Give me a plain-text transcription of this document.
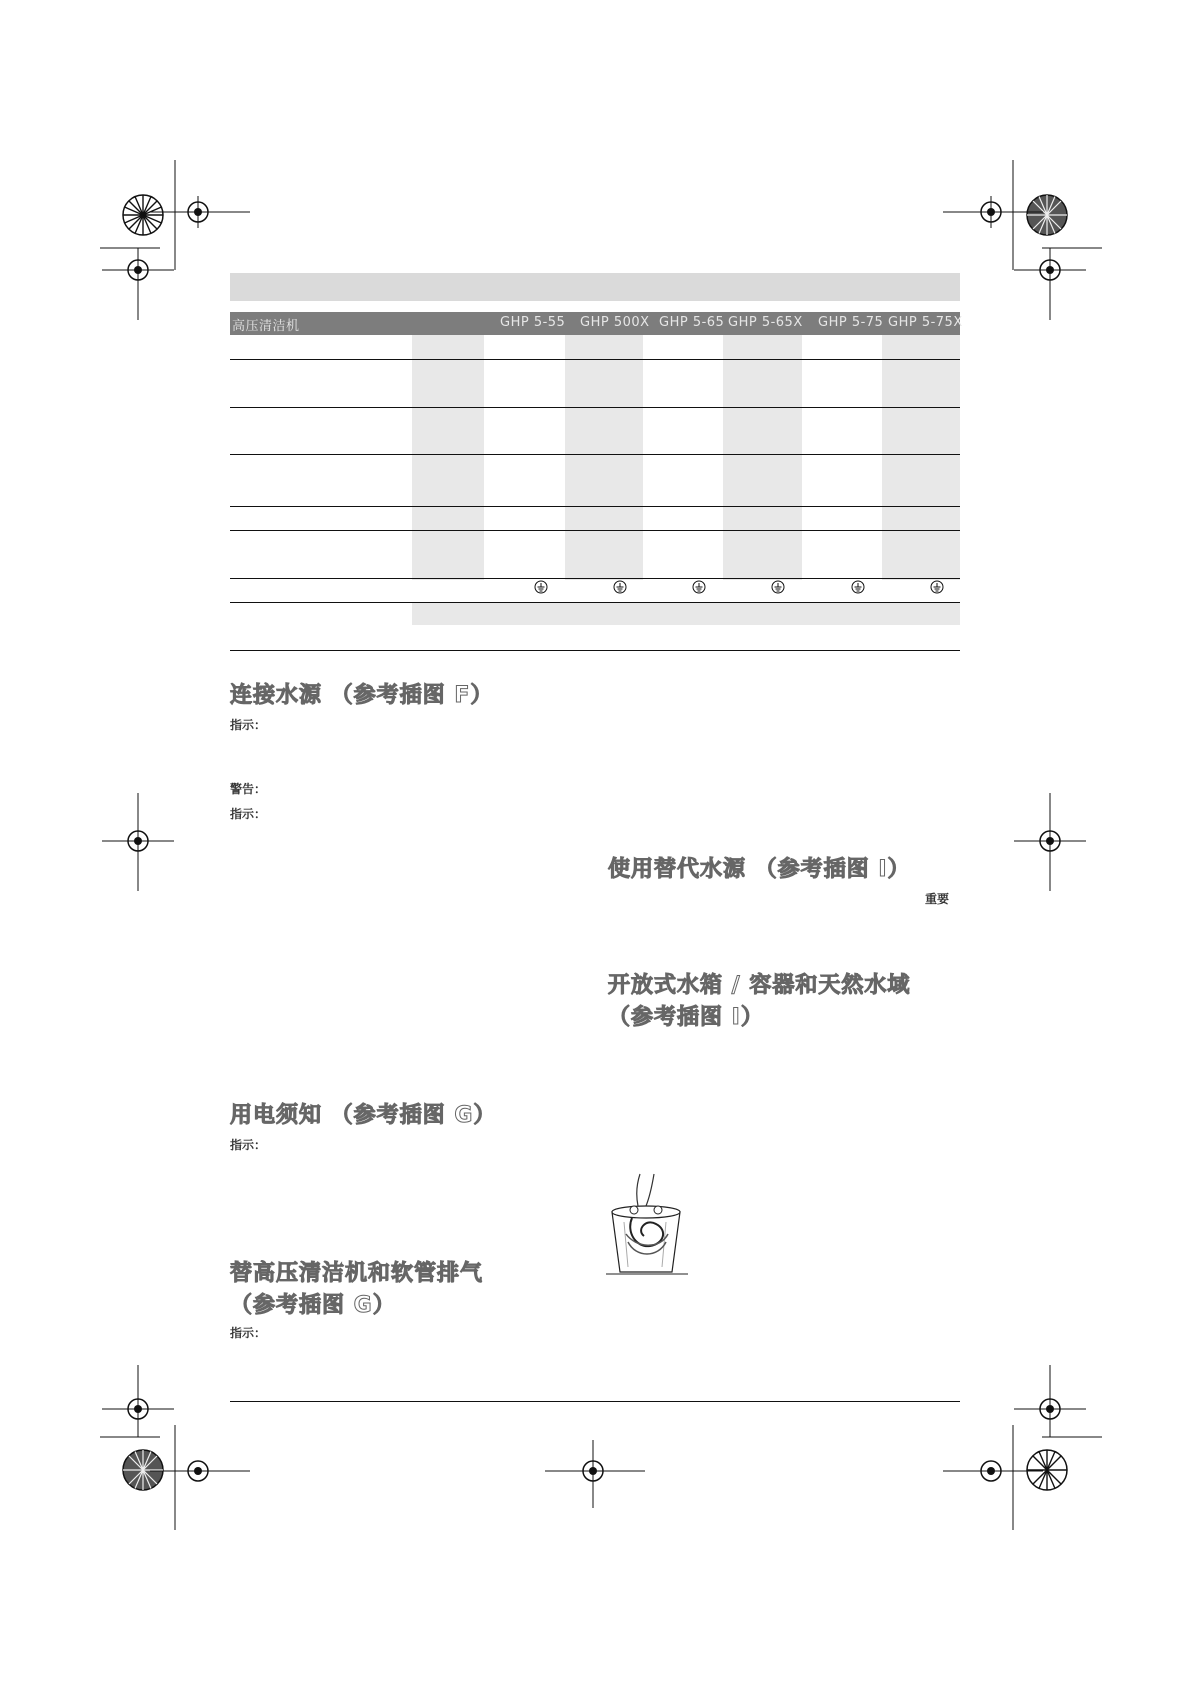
高压清洁机	GHP 5-55 GHP 500X GHP 5-65 GHP 5-65X GHP 5-75 GHP 5-75X
连接水源 （参考插图 F）
指示：
警告：
指示：
用电须知 （参考插图 G）
指示：
替高压清洁机和软管排气
（参考插图 G）
指示：
使用替代水源 （参考插图 I）
重要
开放式水箱 / 容器和天然水域
（参考插图 I）
